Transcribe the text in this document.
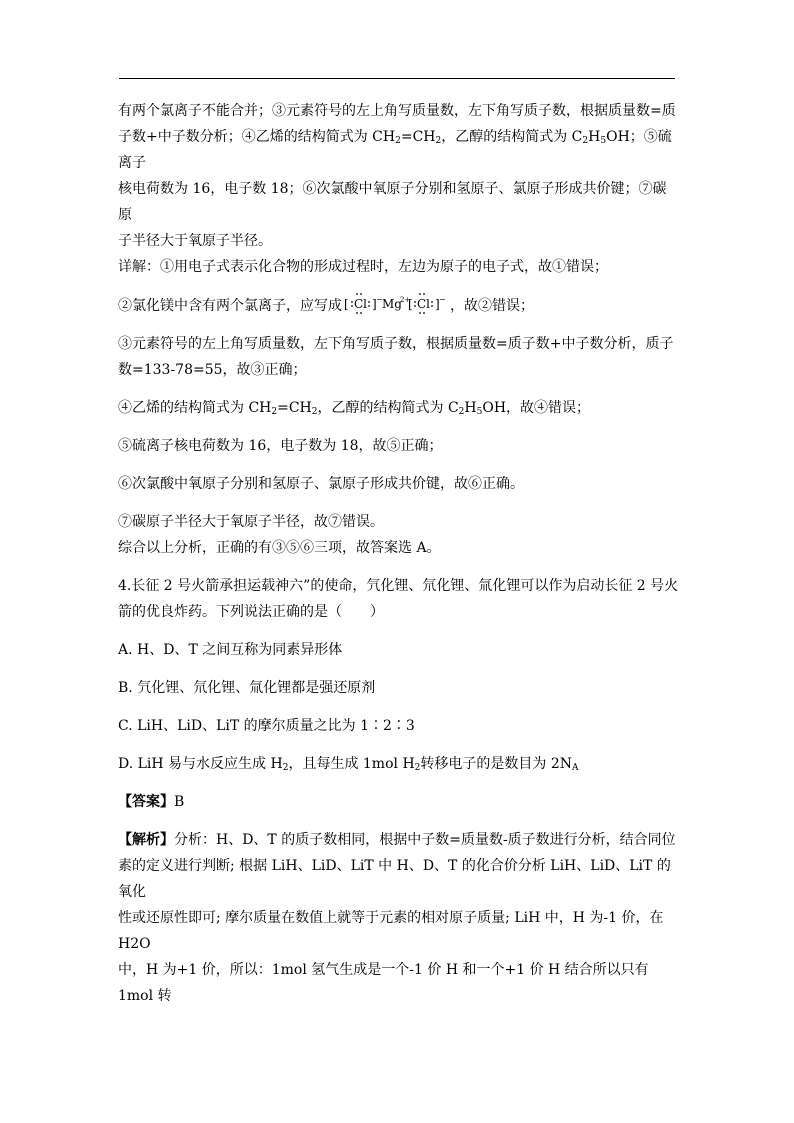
有两个氯离子不能合并；③元素符号的左上角写质量数，左下角写质子数，根据质量数=质

子数+中子数分析；④乙烯的结构简式为 $CH_2=CH_2$，乙醇的结构简式为 $C_2H_5OH$；⑤硫离子

核电荷数为 16，电子数 18；⑥次氯酸中氧原子分别和氢原子、氯原子形成共价键；⑦碳原

子半径大于氧原子半径。

详解：①用电子式表示化合物的形成过程时，左边为原子的电子式，故①错误；

②氯化镁中含有两个氯离子，应写成 [ Cl ] − Mg
2+
[ Cl ] − ，故②错误；

③元素符号的左上角写质量数，左下角写质子数，根据质量数=质子数+中子数分析，质子

数=133-78=55，故③正确；

④乙烯的结构简式为 $CH_2=CH_2$，乙醇的结构简式为 $C_2H_5OH$，故④错误；

⑤硫离子核电荷数为 16，电子数为 18，故⑤正确；

⑥次氯酸中氧原子分别和氢原子、氯原子形成共价键，故⑥正确。

⑦碳原子半径大于氧原子半径，故⑦错误。

综合以上分析，正确的有③⑤⑥三项，故答案选 A。

4.长征 2 号火箭承担运载神六”的使命，氕化锂、氘化锂、氚化锂可以作为启动长征 2 号火

箭的优良炸药。下列说法正确的是（　　）

A. H、D、T 之间互称为同素异形体

B. 氕化锂、氘化锂、氚化锂都是强还原剂

C. LiH、LiD、LiT 的摩尔质量之比为 1∶2∶3

D. LiH 易与水反应生成 $H_2$，且每生成 1mol $H_2$转移电子的是数目为 $2N_A$

【答案】B

【解析】分析：H、D、T 的质子数相同，根据中子数=质量数-质子数进行分析，结合同位

素的定义进行判断; 根据 LiH、LiD、LiT 中 H、D、T 的化合价分析 LiH、LiD、LiT 的氧化

性或还原性即可; 摩尔质量在数值上就等于元素的相对原子质量; LiH 中，H 为-1 价，在 H2O

中，H 为+1 价，所以：1mol 氢气生成是一个-1 价 H 和一个+1 价 H 结合所以只有 1mol 转
